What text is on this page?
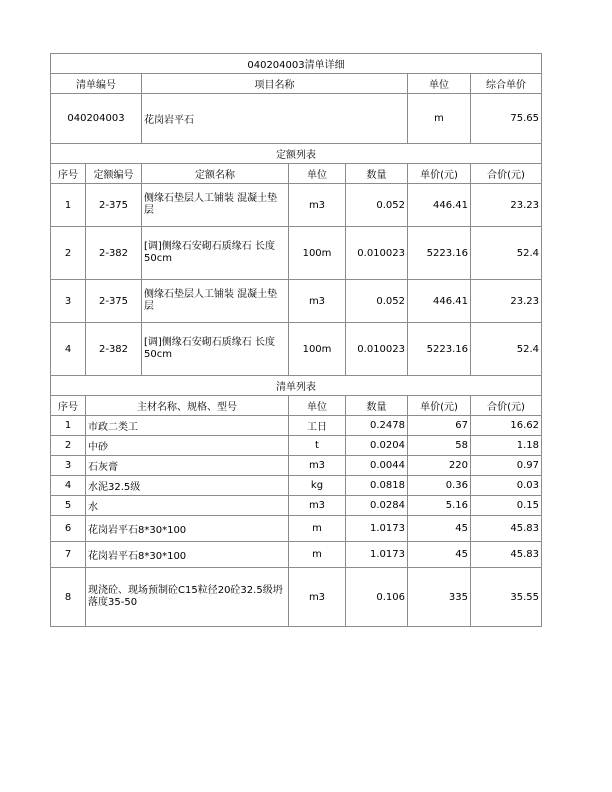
040204003清单详细						
清单编号		项目名称			单位	综合单价
040204003		花岗岩平石			m	75.65
定额列表						
序号	定额编号	定额名称	单位	数量	单价(元)	合价(元)
1	2-375	侧缘石垫层人工铺装 混凝土垫层	m3	0.052	446.41	23.23
2	2-382	[调]侧缘石安砌石质缘石 长度50cm	100m	0.010023	5223.16	52.4
3	2-375	侧缘石垫层人工铺装 混凝土垫层	m3	0.052	446.41	23.23
4	2-382	[调]侧缘石安砌石质缘石 长度50cm	100m	0.010023	5223.16	52.4
清单列表						
序号	主材名称、规格、型号		单位	数量	单价(元)	合价(元)
1	市政二类工		工日	0.2478	67	16.62
2	中砂		t	0.0204	58	1.18
3	石灰膏		m3	0.0044	220	0.97
4	水泥32.5级		kg	0.0818	0.36	0.03
5	水		m3	0.0284	5.16	0.15
6	花岗岩平石8*30*100		m	1.0173	45	45.83
7	花岗岩平石8*30*100		m	1.0173	45	45.83
8	现浇砼、现场预制砼C15粒径20砼32.5级坍落度35-50		m3	0.106	335	35.55
